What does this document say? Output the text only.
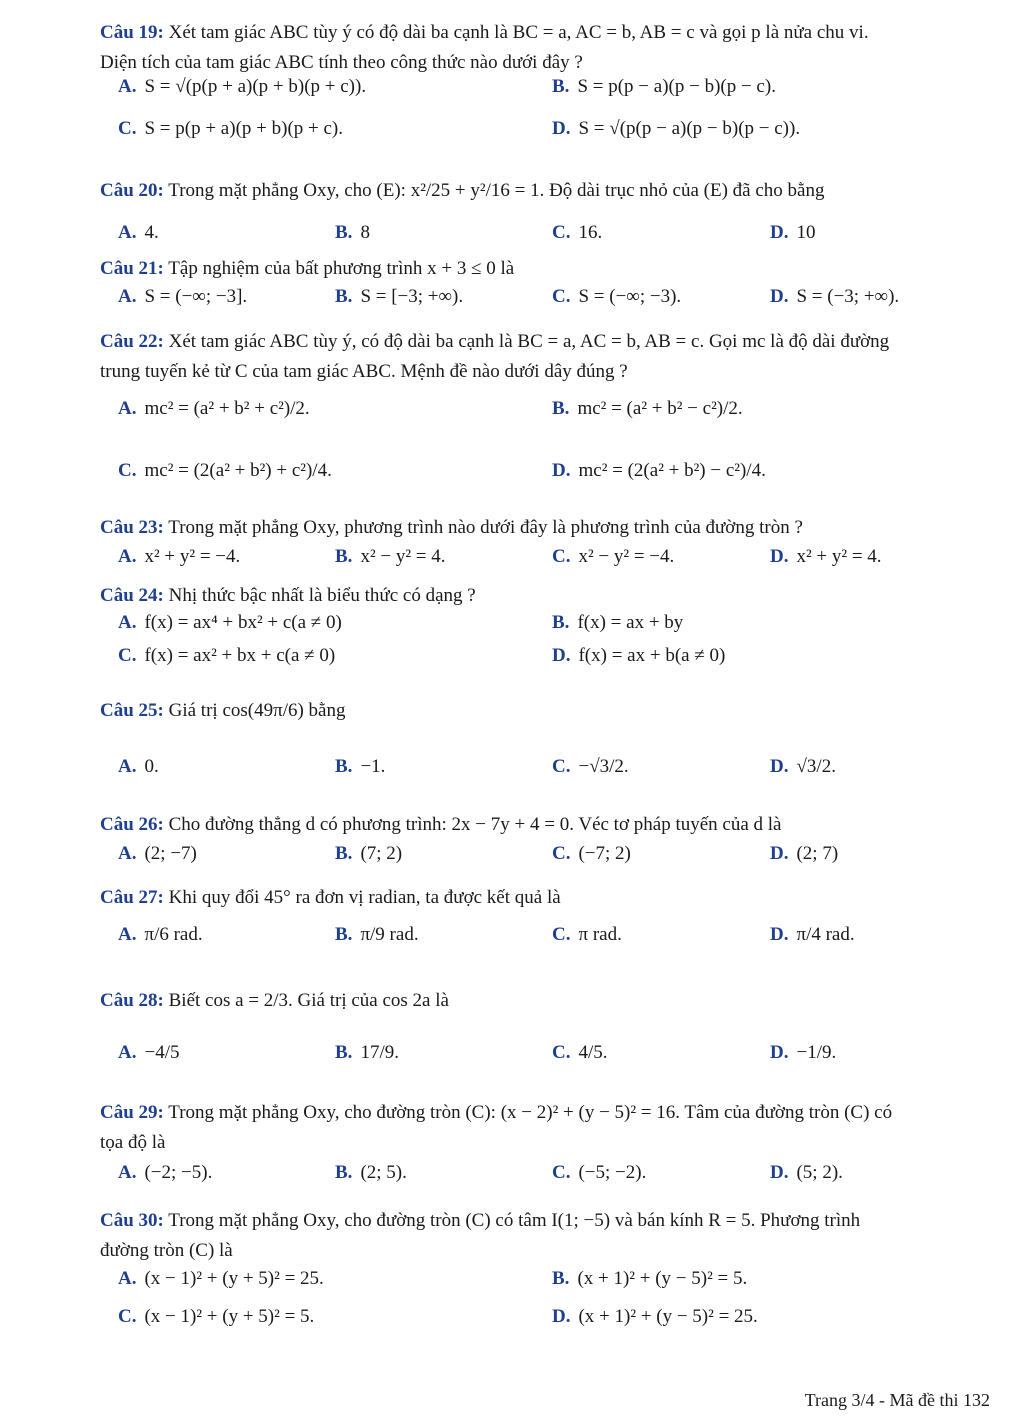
Câu 19: Xét tam giác ABC tùy ý có độ dài ba cạnh là BC = a, AC = b, AB = c và gọi p là nửa chu vi.
Diện tích của tam giác ABC tính theo công thức nào dưới đây ?
A. S = √(p(p + a)(p + b)(p + c)).	B. S = p(p − a)(p − b)(p − c).
C. S = p(p + a)(p + b)(p + c).	D. S = √(p(p − a)(p − b)(p − c)).
Câu 20: Trong mặt phẳng Oxy, cho (E): x²/25 + y²/16 = 1. Độ dài trục nhỏ của (E) đã cho bằng
A. 4.	B. 8	C. 16.	D. 10
Câu 21: Tập nghiệm của bất phương trình x + 3 ≤ 0 là
A. S = (−∞; −3].	B. S = [−3; +∞).	C. S = (−∞; −3).	D. S = (−3; +∞).
Câu 22: Xét tam giác ABC tùy ý, có độ dài ba cạnh là BC = a, AC = b, AB = c. Gọi mc là độ dài đường
trung tuyến kẻ từ C của tam giác ABC. Mệnh đề nào dưới dây đúng ?
A. mc² = (a² + b² + c²)/2.	B. mc² = (a² + b² − c²)/2.
C. mc² = (2(a² + b²) + c²)/4.	D. mc² = (2(a² + b²) − c²)/4.
Câu 23: Trong mặt phẳng Oxy, phương trình nào dưới đây là phương trình của đường tròn ?
A. x² + y² = −4.	B. x² − y² = 4.	C. x² − y² = −4.	D. x² + y² = 4.
Câu 24: Nhị thức bậc nhất là biểu thức có dạng ?
A. f(x) = ax⁴ + bx² + c(a ≠ 0)	B. f(x) = ax + by
C. f(x) = ax² + bx + c(a ≠ 0)	D. f(x) = ax + b(a ≠ 0)
Câu 25: Giá trị cos(49π/6) bằng
A. 0.	B. −1.	C. −√3/2.	D. √3/2.
Câu 26: Cho đường thẳng d có phương trình: 2x − 7y + 4 = 0. Véc tơ pháp tuyến của d là
A. (2; −7)	B. (7; 2)	C. (−7; 2)	D. (2; 7)
Câu 27: Khi quy đổi 45° ra đơn vị radian, ta được kết quả là
A. π/6 rad.	B. π/9 rad.	C. π rad.	D. π/4 rad.
Câu 28: Biết cos a = 2/3. Giá trị của cos 2a là
A. −4/5	B. 17/9.	C. 4/5.	D. −1/9.
Câu 29: Trong mặt phẳng Oxy, cho đường tròn (C): (x − 2)² + (y − 5)² = 16. Tâm của đường tròn (C) có
tọa độ là
A. (−2; −5).	B. (2; 5).	C. (−5; −2).	D. (5; 2).
Câu 30: Trong mặt phẳng Oxy, cho đường tròn (C) có tâm I(1; −5) và bán kính R = 5. Phương trình
đường tròn (C) là
A. (x − 1)² + (y + 5)² = 25.	B. (x + 1)² + (y − 5)² = 5.
C. (x − 1)² + (y + 5)² = 5.	D. (x + 1)² + (y − 5)² = 25.
Trang 3/4 - Mã đề thi 132
